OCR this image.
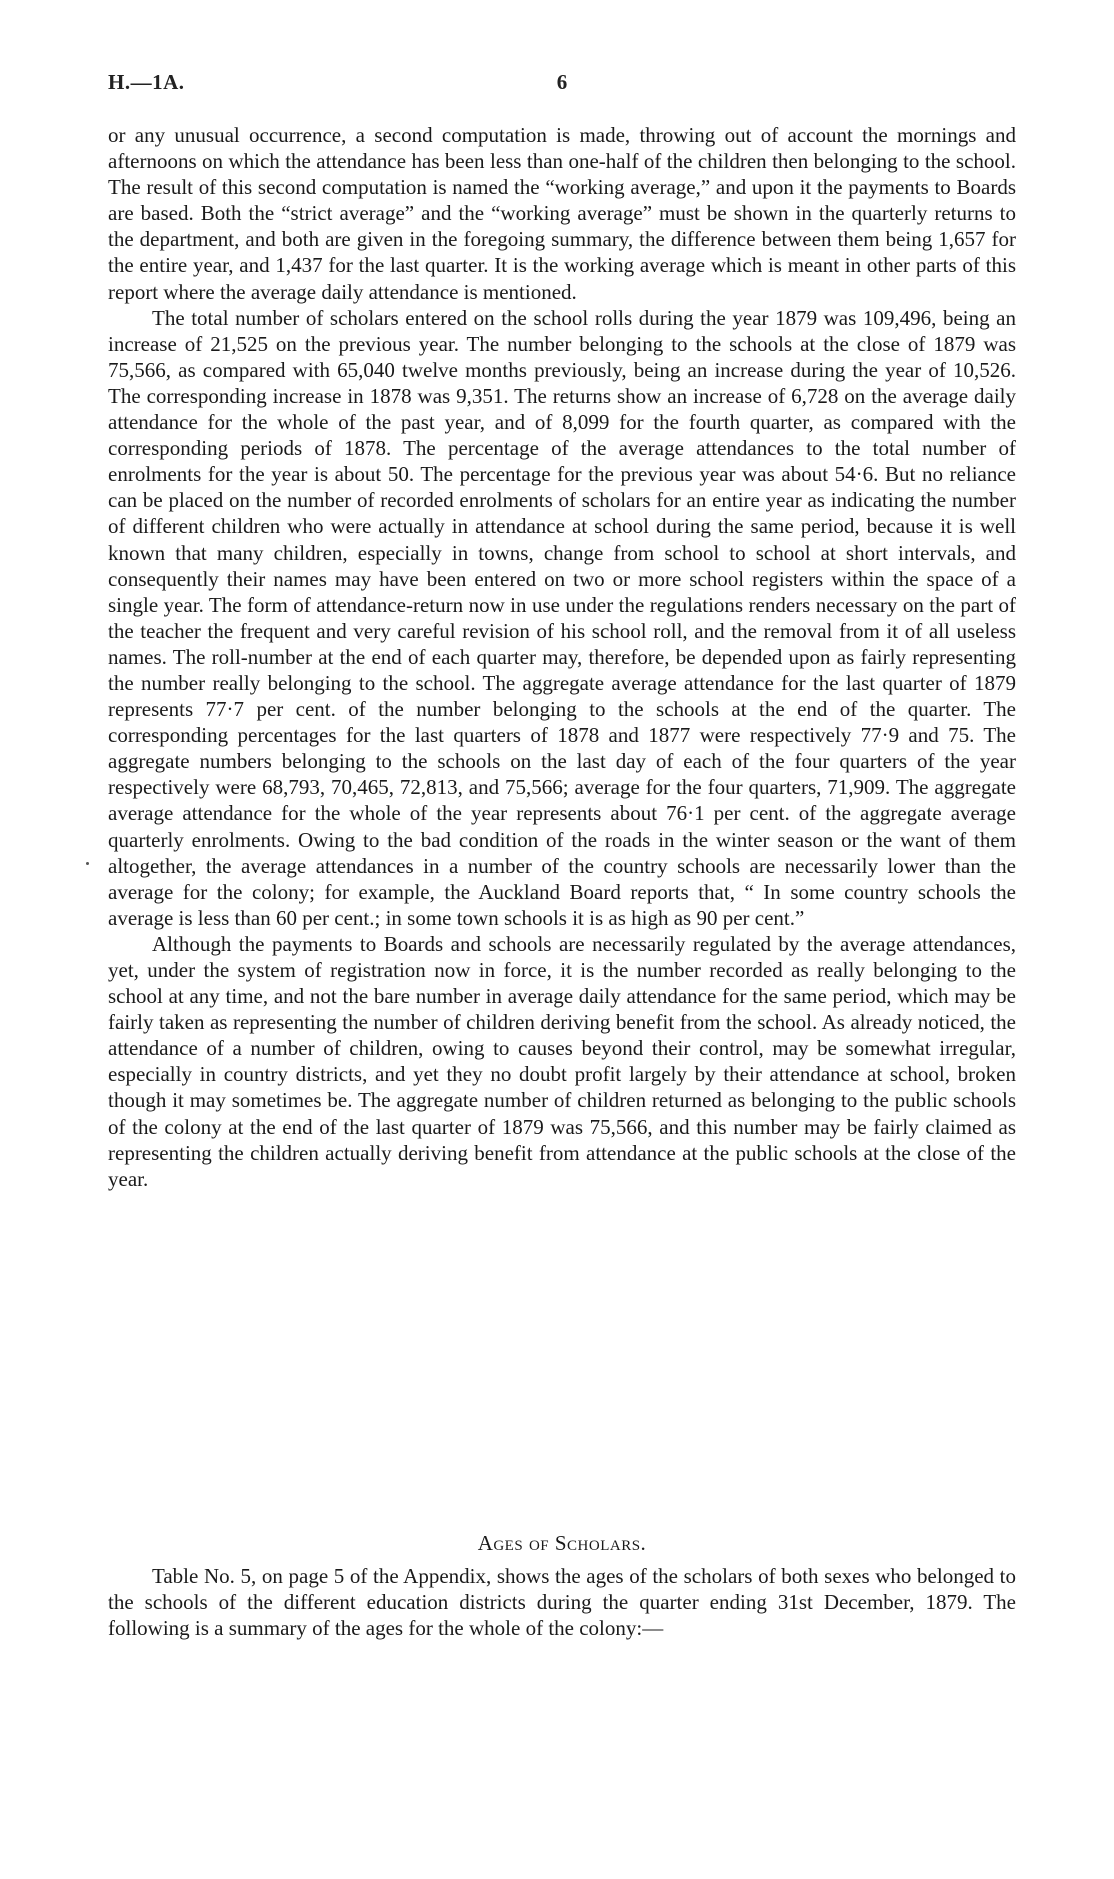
H.—1A.	6

or any unusual occurrence, a second computation is made, throwing out of account the mornings and afternoons on which the attendance has been less than one-half of the children then belonging to the school. The result of this second computation is named the “working average,” and upon it the payments to Boards are based. Both the “strict average” and the “working average” must be shown in the quarterly returns to the department, and both are given in the foregoing summary, the difference between them being 1,657 for the entire year, and 1,437 for the last quarter. It is the working average which is meant in other parts of this report where the average daily attendance is mentioned.

The total number of scholars entered on the school rolls during the year 1879 was 109,496, being an increase of 21,525 on the previous year. The number belonging to the schools at the close of 1879 was 75,566, as compared with 65,040 twelve months previously, being an increase during the year of 10,526. The corresponding increase in 1878 was 9,351. The returns show an increase of 6,728 on the average daily attendance for the whole of the past year, and of 8,099 for the fourth quarter, as compared with the corresponding periods of 1878. The percentage of the average attendances to the total number of enrolments for the year is about 50. The percentage for the previous year was about 54·6. But no reliance can be placed on the number of recorded enrolments of scholars for an entire year as indicating the number of different children who were actually in attendance at school during the same period, because it is well known that many children, especially in towns, change from school to school at short intervals, and consequently their names may have been entered on two or more school registers within the space of a single year. The form of attendance-return now in use under the regulations renders necessary on the part of the teacher the frequent and very careful revision of his school roll, and the removal from it of all useless names. The roll-number at the end of each quarter may, therefore, be depended upon as fairly representing the number really belonging to the school. The aggregate average attendance for the last quarter of 1879 represents 77·7 per cent. of the number belonging to the schools at the end of the quarter. The corresponding percentages for the last quarters of 1878 and 1877 were respectively 77·9 and 75. The aggregate numbers belonging to the schools on the last day of each of the four quarters of the year respectively were 68,793, 70,465, 72,813, and 75,566; average for the four quarters, 71,909. The aggregate average attendance for the whole of the year represents about 76·1 per cent. of the aggregate average quarterly enrolments. Owing to the bad condition of the roads in the winter season or the want of them altogether, the average attendances in a number of the country schools are necessarily lower than the average for the colony; for example, the Auckland Board reports that, “ In some country schools the average is less than 60 per cent.; in some town schools it is as high as 90 per cent.”

Although the payments to Boards and schools are necessarily regulated by the average attendances, yet, under the system of registration now in force, it is the number recorded as really belonging to the school at any time, and not the bare number in average daily attendance for the same period, which may be fairly taken as representing the number of children deriving benefit from the school. As already noticed, the attendance of a number of children, owing to causes beyond their control, may be somewhat irregular, especially in country districts, and yet they no doubt profit largely by their attendance at school, broken though it may sometimes be. The aggregate number of children returned as belonging to the public schools of the colony at the end of the last quarter of 1879 was 75,566, and this number may be fairly claimed as representing the children actually deriving benefit from attendance at the public schools at the close of the year.

Ages of Scholars.

Table No. 5, on page 5 of the Appendix, shows the ages of the scholars of both sexes who belonged to the schools of the different education districts during the quarter ending 31st December, 1879. The following is a summary of the ages for the whole of the colony:—
